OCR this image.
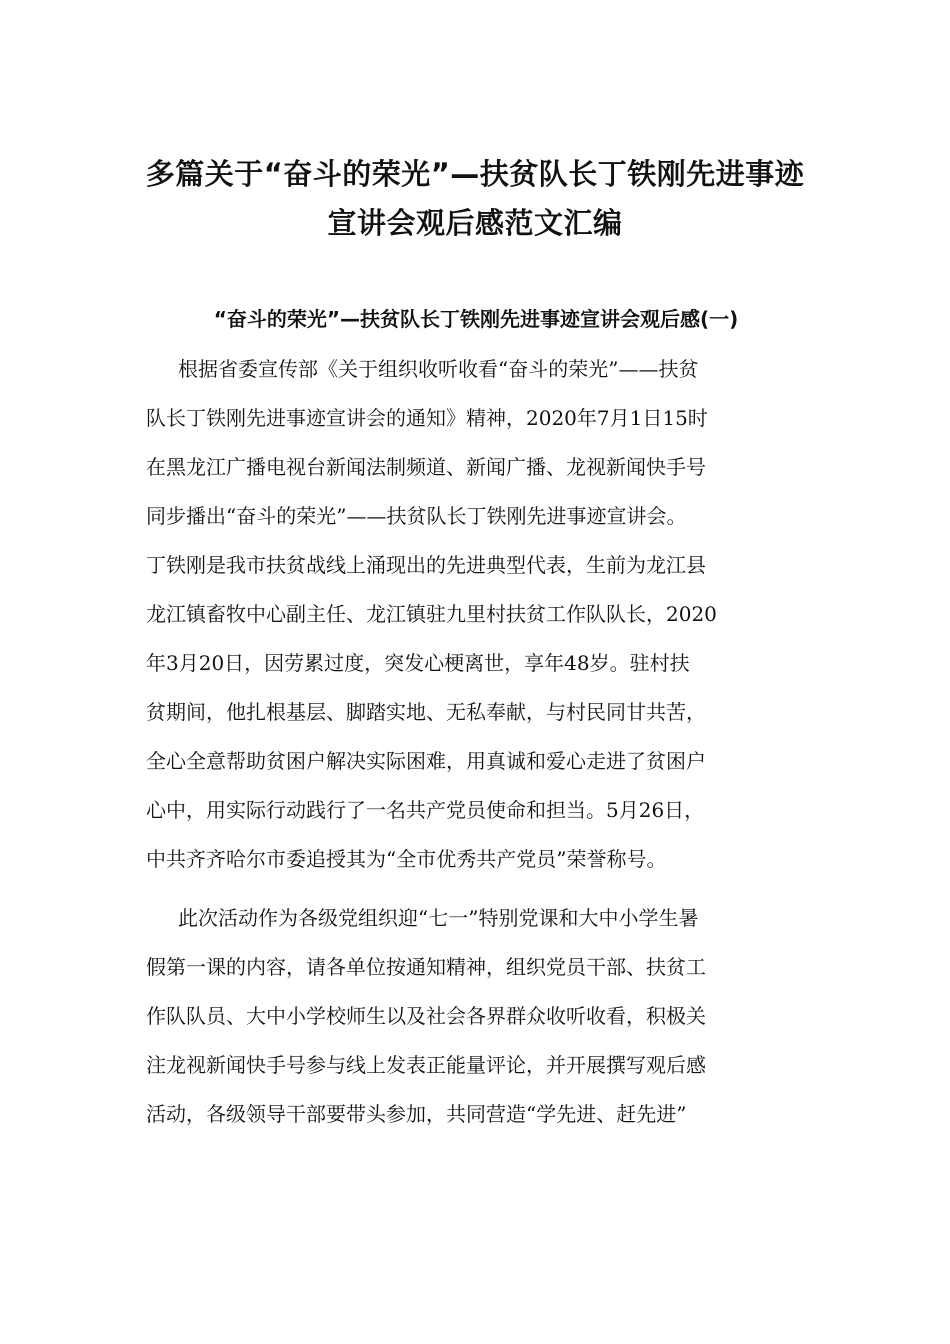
多篇关于“奋斗的荣光”—扶贫队长丁铁刚先进事迹
宣讲会观后感范文汇编
“奋斗的荣光”—扶贫队长丁铁刚先进事迹宣讲会观后感(一)
根据省委宣传部《关于组织收听收看“奋斗的荣光”——扶贫
队长丁铁刚先进事迹宣讲会的通知》精神，2020年7月1日15时
在黑龙江广播电视台新闻法制频道、新闻广播、龙视新闻快手号
同步播出“奋斗的荣光”——扶贫队长丁铁刚先进事迹宣讲会。
丁铁刚是我市扶贫战线上涌现出的先进典型代表，生前为龙江县
龙江镇畜牧中心副主任、龙江镇驻九里村扶贫工作队队长，2020
年3月20日，因劳累过度，突发心梗离世，享年48岁。驻村扶
贫期间，他扎根基层、脚踏实地、无私奉献，与村民同甘共苦，
全心全意帮助贫困户解决实际困难，用真诚和爱心走进了贫困户
心中，用实际行动践行了一名共产党员使命和担当。5月26日，
中共齐齐哈尔市委追授其为“全市优秀共产党员”荣誉称号。
此次活动作为各级党组织迎“七一”特别党课和大中小学生暑
假第一课的内容，请各单位按通知精神，组织党员干部、扶贫工
作队队员、大中小学校师生以及社会各界群众收听收看，积极关
注龙视新闻快手号参与线上发表正能量评论，并开展撰写观后感
活动，各级领导干部要带头参加，共同营造“学先进、赶先进”
